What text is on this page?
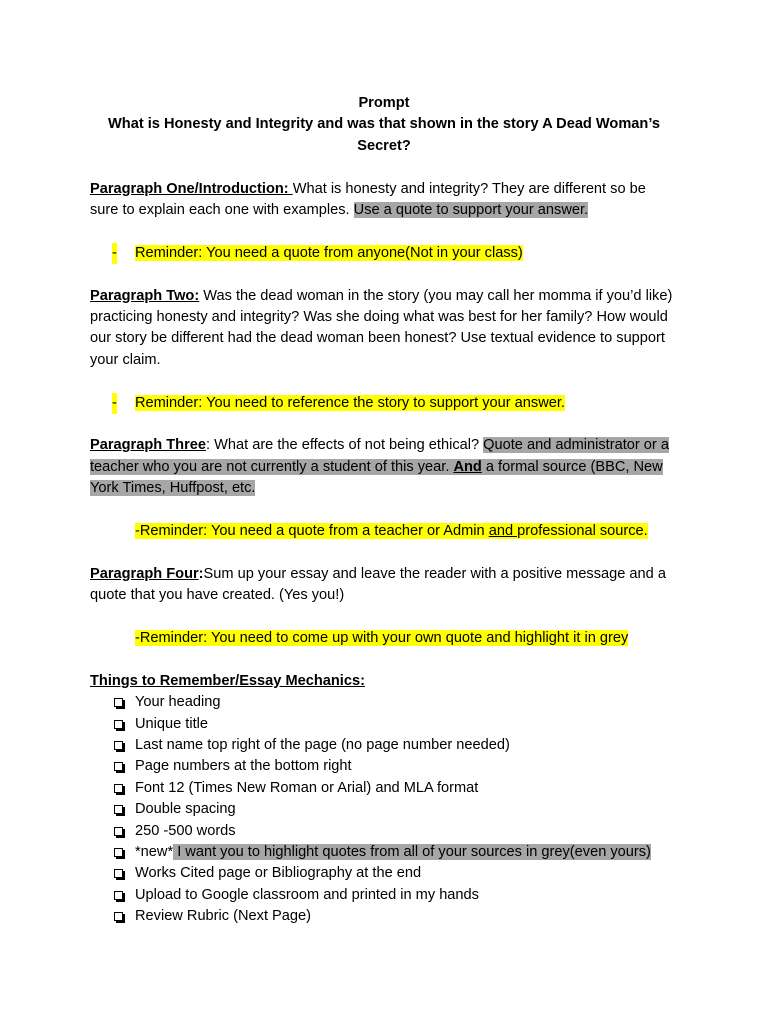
Prompt

What is Honesty and Integrity and was that shown in the story A Dead Woman’s Secret?

Paragraph One/Introduction: What is honesty and integrity? They are different so be sure to explain each one with examples. Use a quote to support your answer.

- Reminder: You need a quote from anyone(Not in your class)

Paragraph Two: Was the dead woman in the story (you may call her momma if you’d like) practicing honesty and integrity? Was she doing what was best for her family? How would our story be different had the dead woman been honest? Use textual evidence to support your claim.

- Reminder: You need to reference the story to support your answer.

Paragraph Three: What are the effects of not being ethical? Quote and administrator or a teacher who you are not currently a student of this year. And a formal source (BBC, New York Times, Huffpost, etc.

-Reminder: You need a quote from a teacher or Admin and professional source.

Paragraph Four:Sum up your essay and leave the reader with a positive message and a quote that you have created. (Yes you!)

-Reminder: You need to come up with your own quote and highlight it in grey

Things to Remember/Essay Mechanics:

Your heading
Unique title
Last name top right of the page (no page number needed)
Page numbers at the bottom right
Font 12 (Times New Roman or Arial) and MLA format
Double spacing
250 -500 words
*new* I want you to highlight quotes from all of your sources in grey(even yours)
Works Cited page or Bibliography at the end
Upload to Google classroom and printed in my hands
Review Rubric (Next Page)
